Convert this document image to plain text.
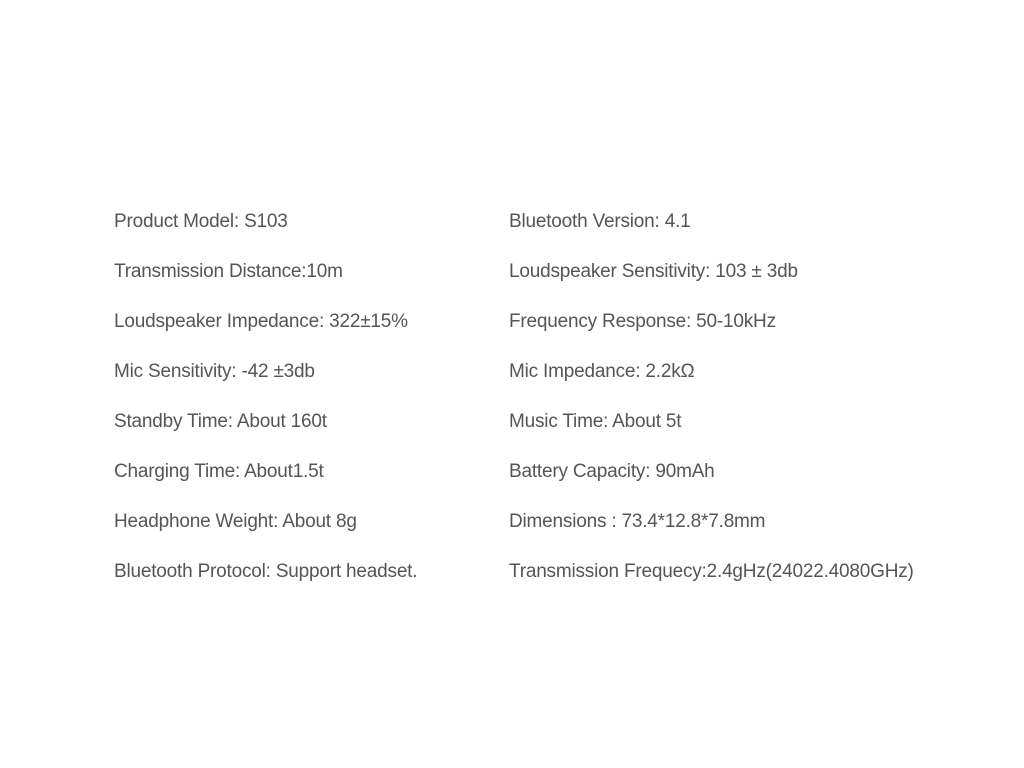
Product Model: S103	Bluetooth Version: 4.1
Transmission Distance:10m	Loudspeaker Sensitivity: 103 ± 3db
Loudspeaker Impedance: 322±15%	Frequency Response: 50-10kHz
Mic Sensitivity: -42 ±3db	Mic Impedance: 2.2kΩ
Standby Time: About 160t	Music Time: About 5t
Charging Time: About1.5t	Battery Capacity: 90mAh
Headphone Weight: About 8g	Dimensions : 73.4*12.8*7.8mm
Bluetooth Protocol: Support headset.	Transmission Frequecy:2.4gHz(24022.4080GHz)
